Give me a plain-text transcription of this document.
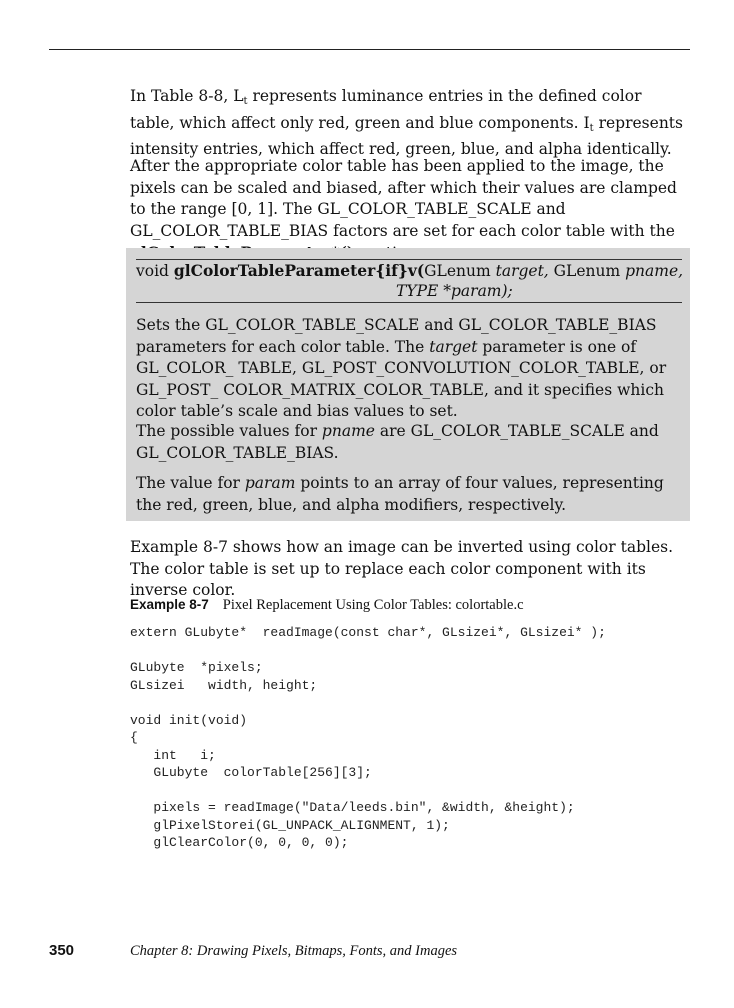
In Table 8-8, $L_t$ represents luminance entries in the defined color table, which affect only red, green and blue components. $I_t$ represents intensity entries, which affect red, green, blue, and alpha identically.

After the appropriate color table has been applied to the image, the pixels can be scaled and biased, after which their values are clamped to the range [0, 1]. The GL_COLOR_TABLE_SCALE and GL_COLOR_TABLE_BIAS factors are set for each color table with the

void glColorTableParameter{if}v(GLenum target, GLenum pname,
TYPE *param);

Sets the GL_COLOR_TABLE_SCALE and GL_COLOR_TABLE_BIAS parameters for each color table. The target parameter is one of GL_COLOR_ TABLE, GL_POST_CONVOLUTION_COLOR_TABLE, or GL_POST_ COLOR_MATRIX_COLOR_TABLE, and it specifies which color table’s scale and bias values to set.

The possible values for pname are GL_COLOR_TABLE_SCALE and GL_COLOR_TABLE_BIAS.

The value for param points to an array of four values, representing the red, green, blue, and alpha modifiers, respectively.

Example 8-7 shows how an image can be inverted using color tables. The color table is set up to replace each color component with its inverse color.

Example 8-7 Pixel Replacement Using Color Tables: colortable.c
extern GLubyte*  readImage(const char*, GLsizei*, GLsizei* );

GLubyte  *pixels;
GLsizei   width, height;

void init(void)
{
int   i;
GLubyte  colorTable[256][3];

pixels = readImage("Data/leeds.bin", &width, &height);
glPixelStorei(GL_UNPACK_ALIGNMENT, 1);
glClearColor(0, 0, 0, 0);
350	Chapter 8: Drawing Pixels, Bitmaps, Fonts, and Images
